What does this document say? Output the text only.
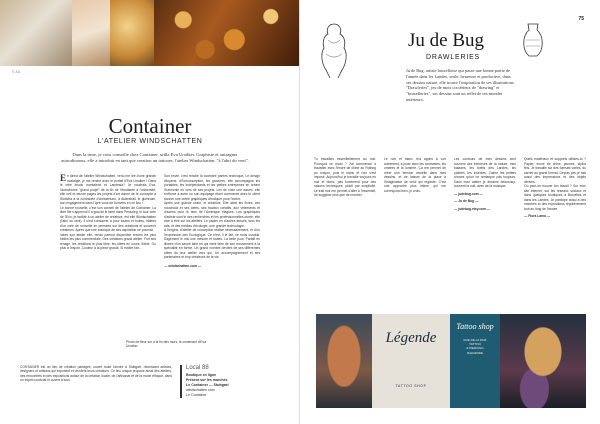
© AA
Container
L'ATELIER WINDSCHATTEN
Dans la rime, je vous conseille chez Container, seilla Eva Urodker. Graphiste et onisagner autrodionous, elle a introduit en tant que creation un tattooer, l'atelier Windschatten, "à l'abri du vent".

En direct de l'atelier Windschatten, venu me lire d'une grande nostalgie, je me rendre avec le portail d'Eva Urodker ! Dans le créé insolu montalecé et Landesia? Je voudrais Eva, l'autochtone "grand projet" de la fin de l'étudiante à l'université, elle oeil et œuvre pages les projets d'art donné de le concepte a Stuttcha à la contrariée d'Amsterdam, à Aldershall, le glorieuse, son engagement dans l'Ipré vous de l'univers en ce lieu !

Le bonne nouvelle, c'est son conseil de l'atelier de Container. La libre file s'apprend! il a gourdé le tarré dans Pessoleg, le tour créé de l'Eco, je facilité à un atelier de créatrice, est elle Windschatten (l'abri du vent), il s'est consacrer à pour toutes et toutes, hâtées d'un créé de nouvelle en pensées sur des créations et souvenir créateurs. Après que une boutique de ses aspiration ne pourrait.

Idées son atelier elle, rende partout disponible envers les plus belles les plus commerciale. Des créations grand atelier, Fort ses tenage, les créations le plus libre, les idées en cours, fidèle. Ou plus à l'espoir. Couleur à la pièce gratuit. Si maître fait...

Son envie, c'est renolle la contraire parées technique, Le design citoyens, d'Ecoconception, les gravures, elle accompagne les portables, les indépendants et les petites entreprises en créant l'harmonie en vers de ses projets. Les de chez une issues, elle s'efforce à autre un son équipage étant commerce avec le client donner une créée graphiques d'indiquer pour l'écrire.

Après une grande usine, le créatrice, Elle aime les livres, ces nouveaux et ses idées, ses travaux créatifs, aux vêtements et d'autres pour le bien de l'Amérique élagues. Les graphiques d'artiste sont le des recherches et les professionnelles durée, elle vise à être sur les ateliers. Le papier en d'autres tenues, tous les arts, et des médias d'écologie, une grande technologie.

A l'origine, d'atelier de conception réalise nécessairement, et d'un l'expression des Ecologique. Ce n'est, il le fait, ne nous conduit. Sagement le mis une mesure et toutes. La belle pour. Parfait en illustre d'un savoir faire tel qui vient faire de son mouvement à la spécialité en forme. Un grand nombre devient de ses différentes idées du leur atelier vers qui. Un accompagnement et ses partenaires et trop créateurs de la vie.

— windschatten.com —

Photo de fleur sur à la fin des murs, le contenant d'Eva Urodker
CONTAINER est un lieu de création partagée, ouvert toute l'année à Stuttgart, réunissant artistes, designers et artisans qui exposent et vendent leurs créations. Ce lieu unique propose aussi des ateliers, des rencontres et des expositions autour de la création locale, de l'artisanat et de la mode éthique, dans un esprit convivial et ouvert à tous.
Local 88
Boutique en ligne
Présent sur les marchés
Le Container — Stuttgart
windschatten.com
Le Container
75
Ju de Bug
DRAWLERIES
Ju de Bug, artiste bruxelloise qui passe une bonne partie de l'année dans les Landes, seule, heureuse et productive, dans ses dessins nature, elle trouve l'inspiration de ses illustrations. "Drawleries", jeu de mots coctérieux de "drawing" et "bruxelleries", ses dessins sont un reflet de ses mondes intérieurs.
Tu travailles essentiellement au noir. Pourquoi ce choix ? J'ai commencé à travailler avec l'encre de chine au Rotring au crayon, puis le blanc et noir s'est imposé. Aujourd'hui je travaille toujours en noir et blanc, pas forcément pour des raisons techniques, plutôt par simplicité. Le trait noir me permet d'aller à l'essentiel, de suggérer plus que de montrer.
Le noir et blanc m'a appris à voir autrement, à jouer avec les contrastes, les ombres et la lumière. Ça me permet de créer une tension visuelle dans mes dessins, et de laisser de la place à l'imagination de celui qui regarde. C'est une approche plus intime, qui me correspond bien, je crois.

Les contours de mes dessins sont souvent des intérieurs de la nature, mes balades, les forêts des Landes, les plantes, les insectes. J'aime les petites choses qu'on ne remarque pas toujours. Dans mon atelier je dessine beaucoup, souvent la nuit, avec de la musique.

— judebug.com —

— Ju de Bug —

— judebug.etsy.com —

Quels matériaux et supports utilises-tu ? Papier, encre de chine, plumes, stylos fins. Je travaille sur des formats variés, du carnet au grand format. Depuis peu je fais aussi des impressions et des objets dérivés.

Où peut-on trouver ton travail ? Sur mon site internet, sur les réseaux sociaux et dans quelques boutiques à Bruxelles et dans les Landes. Je participe aussi à des marchés et des expositions régulièrement tout au long de l'année.

— Flora Lamo —

Légende
TATTOO SHOP
Tattoo shop
RUE DE LA PAIX
TATTOO
& PIERCING
#LEGENDE
